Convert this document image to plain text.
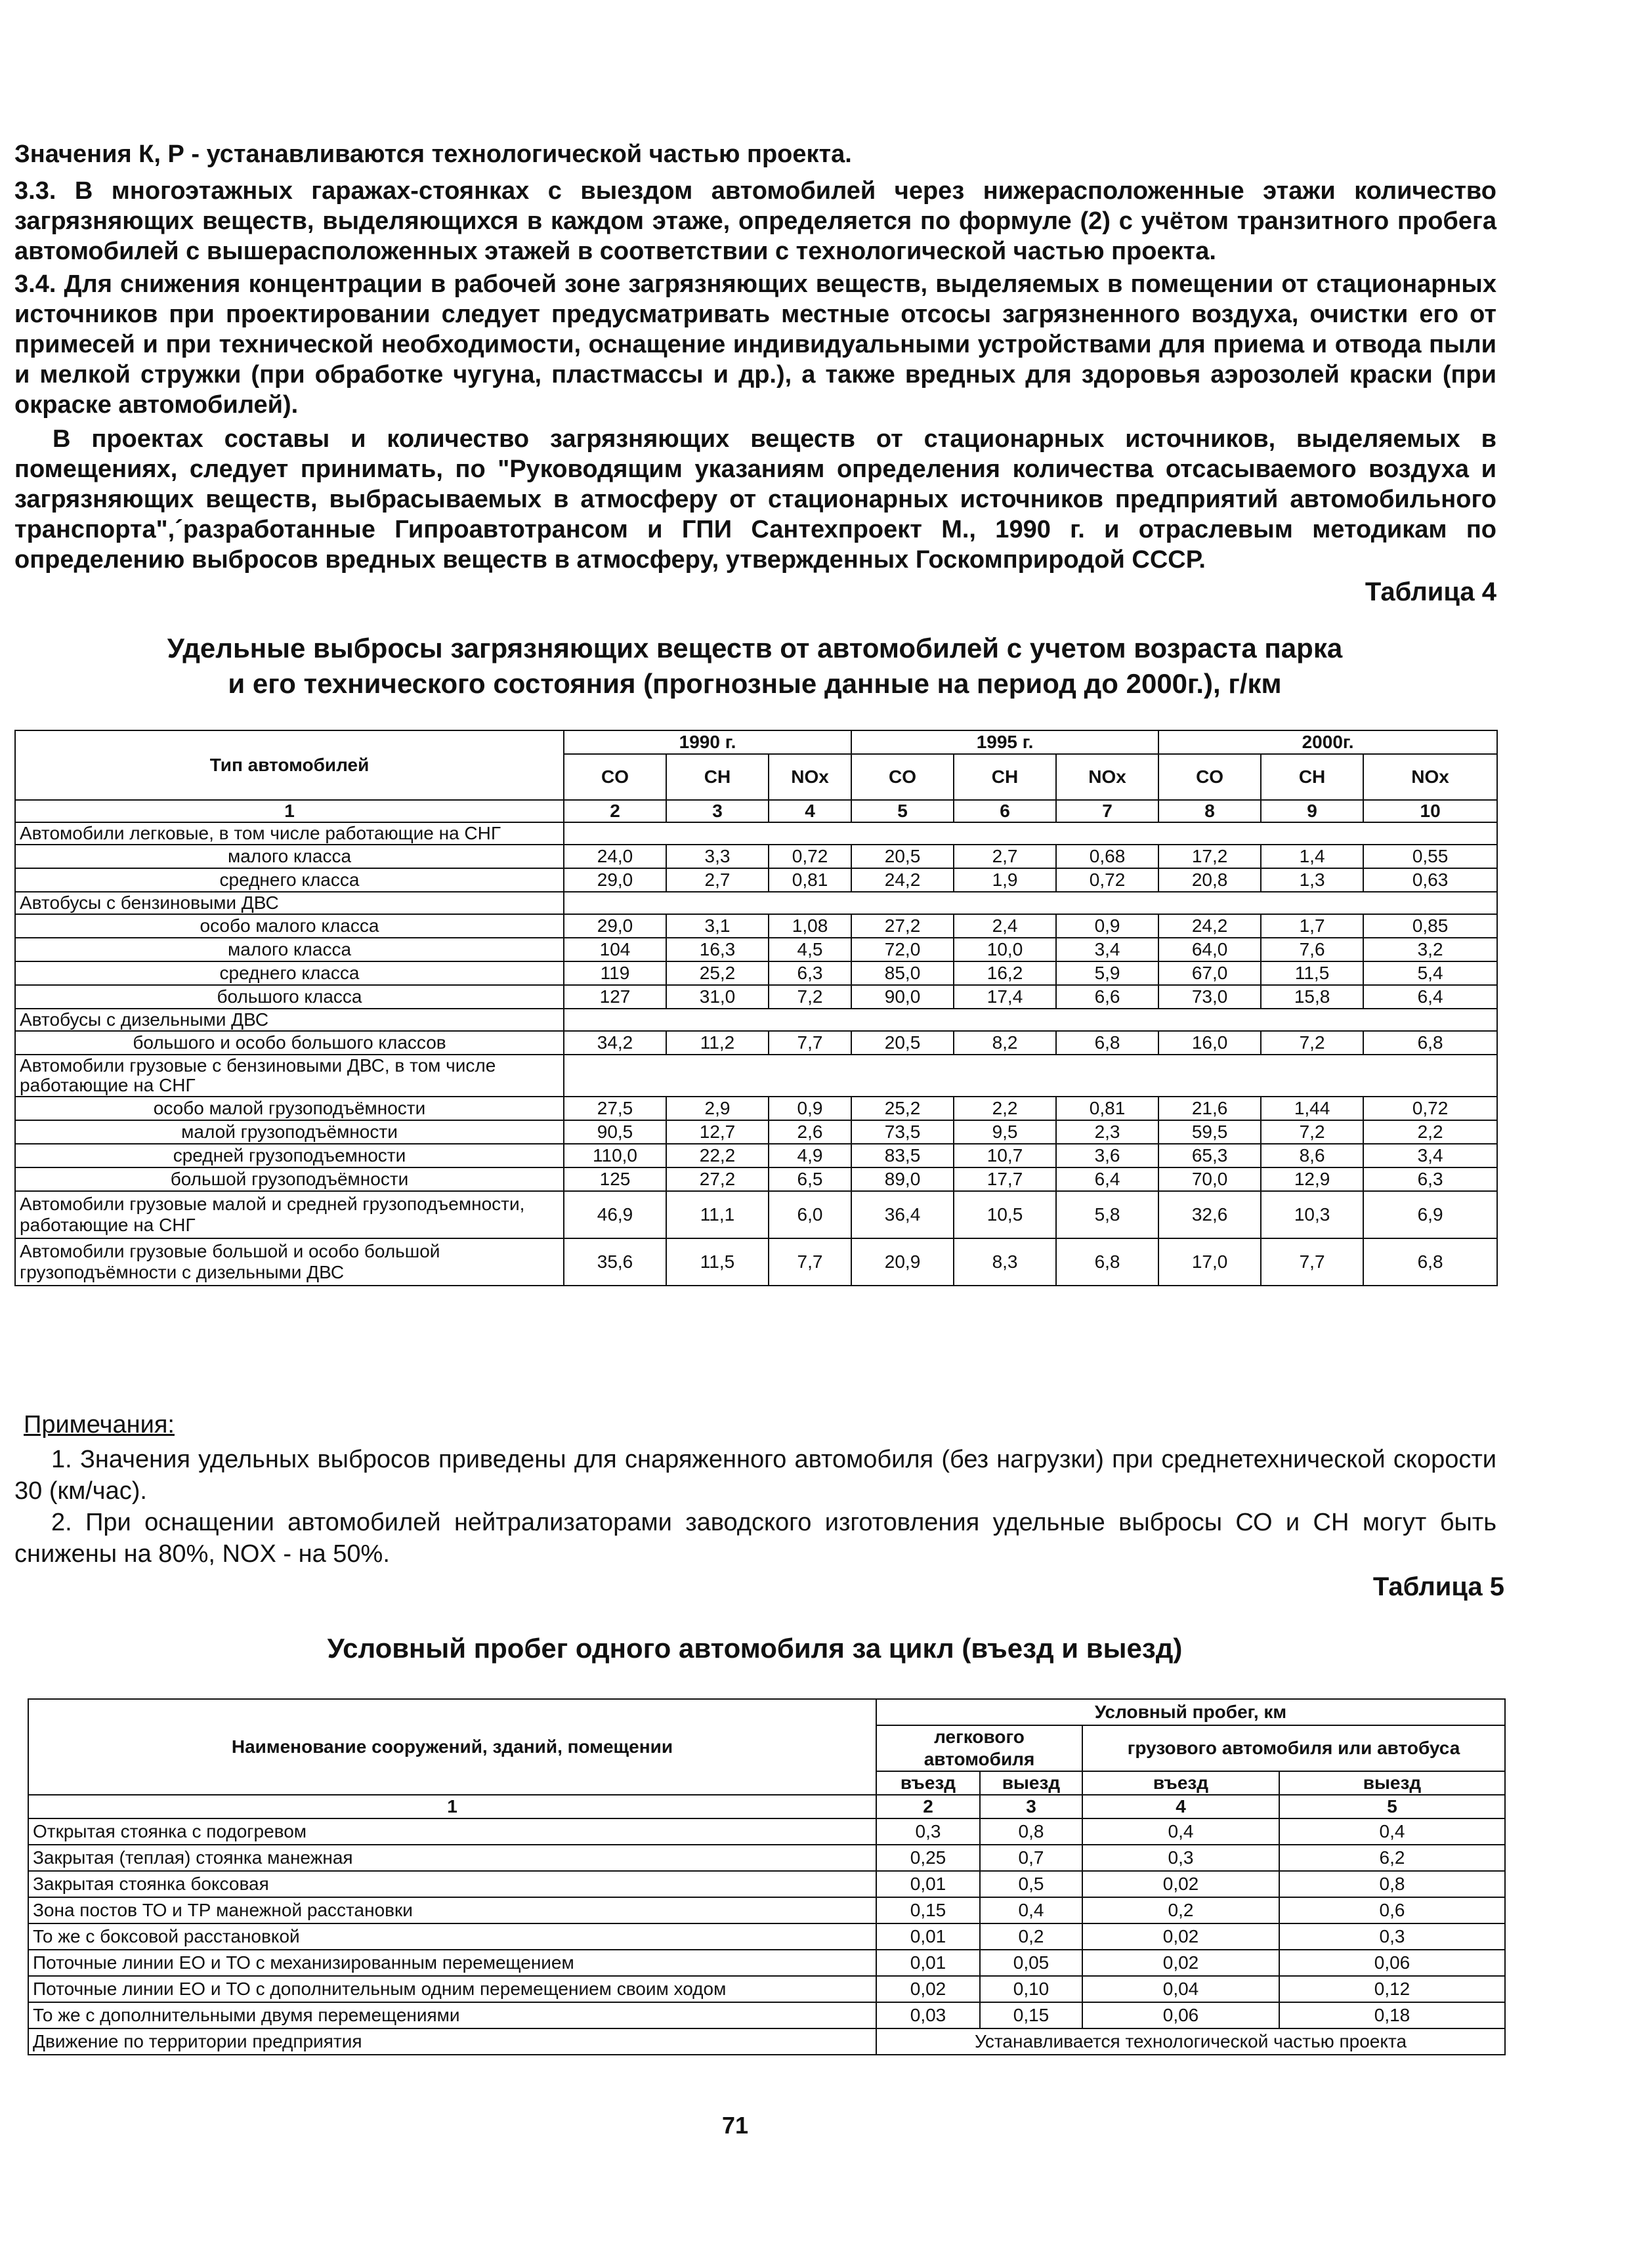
Значения К, Р - устанавливаются технологической частью проекта.

3.3. В многоэтажных гаражах-стоянках с выездом автомобилей через нижерасположенные этажи количество загрязняющих веществ, выделяющихся в каждом этаже, определяется по формуле (2) с учётом транзитного пробега автомобилей с вышерасположенных этажей в соответствии с технологической частью проекта.

3.4. Для снижения концентрации в рабочей зоне загрязняющих веществ, выделяемых в помещении от стационарных источников при проектировании следует предусматривать местные отсосы загрязненного воздуха, очистки его от примесей и при технической необходимости, оснащение индивидуальными устройствами для приема и отвода пыли и мелкой стружки (при обработке чугуна, пластмассы и др.), а также вредных для здоровья аэрозолей краски (при окраске автомобилей).

В проектах составы и количество загрязняющих веществ от стационарных источников, выделяемых в помещениях, следует принимать, по "Руководящим указаниям определения количества отсасываемого воздуха и загрязняющих веществ, выбрасываемых в атмосферу от стационарных источников предприятий автомобильного транспорта",´разработанные Гипроавтотрансом и ГПИ Сантехпроект М., 1990 г. и отраслевым методикам по определению выбросов вредных веществ в атмосферу, утвержденных Госкомприродой СССР.

Таблица 4
Удельные выбросы загрязняющих веществ от автомобилей с учетом возраста парка
и его технического состояния (прогнозные данные на период до 2000г.), г/км
Тип автомобилей	1990 г.			1995 г.			2000г.		
	CO	CH	NOx	CO	CH	NOx	CO	CH	NOx
1	2	3	4	5	6	7	8	9	10
Автомобили легковые, в том числе работающие на СНГ									
малого класса	24,0	3,3	0,72	20,5	2,7	0,68	17,2	1,4	0,55
среднего класса	29,0	2,7	0,81	24,2	1,9	0,72	20,8	1,3	0,63
Автобусы с бензиновыми ДВС									
особо малого класса	29,0	3,1	1,08	27,2	2,4	0,9	24,2	1,7	0,85
малого класса	104	16,3	4,5	72,0	10,0	3,4	64,0	7,6	3,2
среднего класса	119	25,2	6,3	85,0	16,2	5,9	67,0	11,5	5,4
большого класса	127	31,0	7,2	90,0	17,4	6,6	73,0	15,8	6,4
Автобусы с дизельными ДВС									
большого и особо большого классов	34,2	11,2	7,7	20,5	8,2	6,8	16,0	7,2	6,8
Автомобили грузовые с бензиновыми ДВС, в том числе работающие на СНГ									
особо малой грузоподъёмности	27,5	2,9	0,9	25,2	2,2	0,81	21,6	1,44	0,72
малой грузоподъёмности	90,5	12,7	2,6	73,5	9,5	2,3	59,5	7,2	2,2
средней грузоподъемности	110,0	22,2	4,9	83,5	10,7	3,6	65,3	8,6	3,4
большой грузоподъёмности	125	27,2	6,5	89,0	17,7	6,4	70,0	12,9	6,3
Автомобили грузовые малой и средней грузоподъемности, работающие на СНГ	46,9	11,1	6,0	36,4	10,5	5,8	32,6	10,3	6,9
Автомобили грузовые большой и особо большой грузоподъёмности с дизельными ДВС	35,6	11,5	7,7	20,9	8,3	6,8	17,0	7,7	6,8
Примечания:
1. Значения удельных выбросов приведены для снаряженного автомобиля (без нагрузки) при среднетехнической скорости 30 (км/час).
2. При оснащении автомобилей нейтрализаторами заводского изготовления удельные выбросы СО и СН могут быть снижены на 80%, NOX - на 50%.
Таблица 5
Условный пробег одного автомобиля за цикл (въезд и выезд)
Наименование сооружений, зданий, помещении	Условный пробег, км			
	легкового автомобиля		грузового автомобиля или автобуса	
	въезд	выезд	въезд	выезд
1	2	3	4	5
Открытая стоянка с подогревом	0,3	0,8	0,4	0,4
Закрытая (теплая) стоянка манежная	0,25	0,7	0,3	6,2
Закрытая стоянка боксовая	0,01	0,5	0,02	0,8
Зона постов ТО и ТР манежной расстановки	0,15	0,4	0,2	0,6
То же с боксовой расстановкой	0,01	0,2	0,02	0,3
Поточные линии ЕО и ТО с механизированным перемещением	0,01	0,05	0,02	0,06
Поточные линии ЕО и ТО с дополнительным одним перемещением своим ходом	0,02	0,10	0,04	0,12
То же с дополнительными двумя перемещениями	0,03	0,15	0,06	0,18
Движение по территории предприятия	Устанавливается технологической частью проекта			
71
